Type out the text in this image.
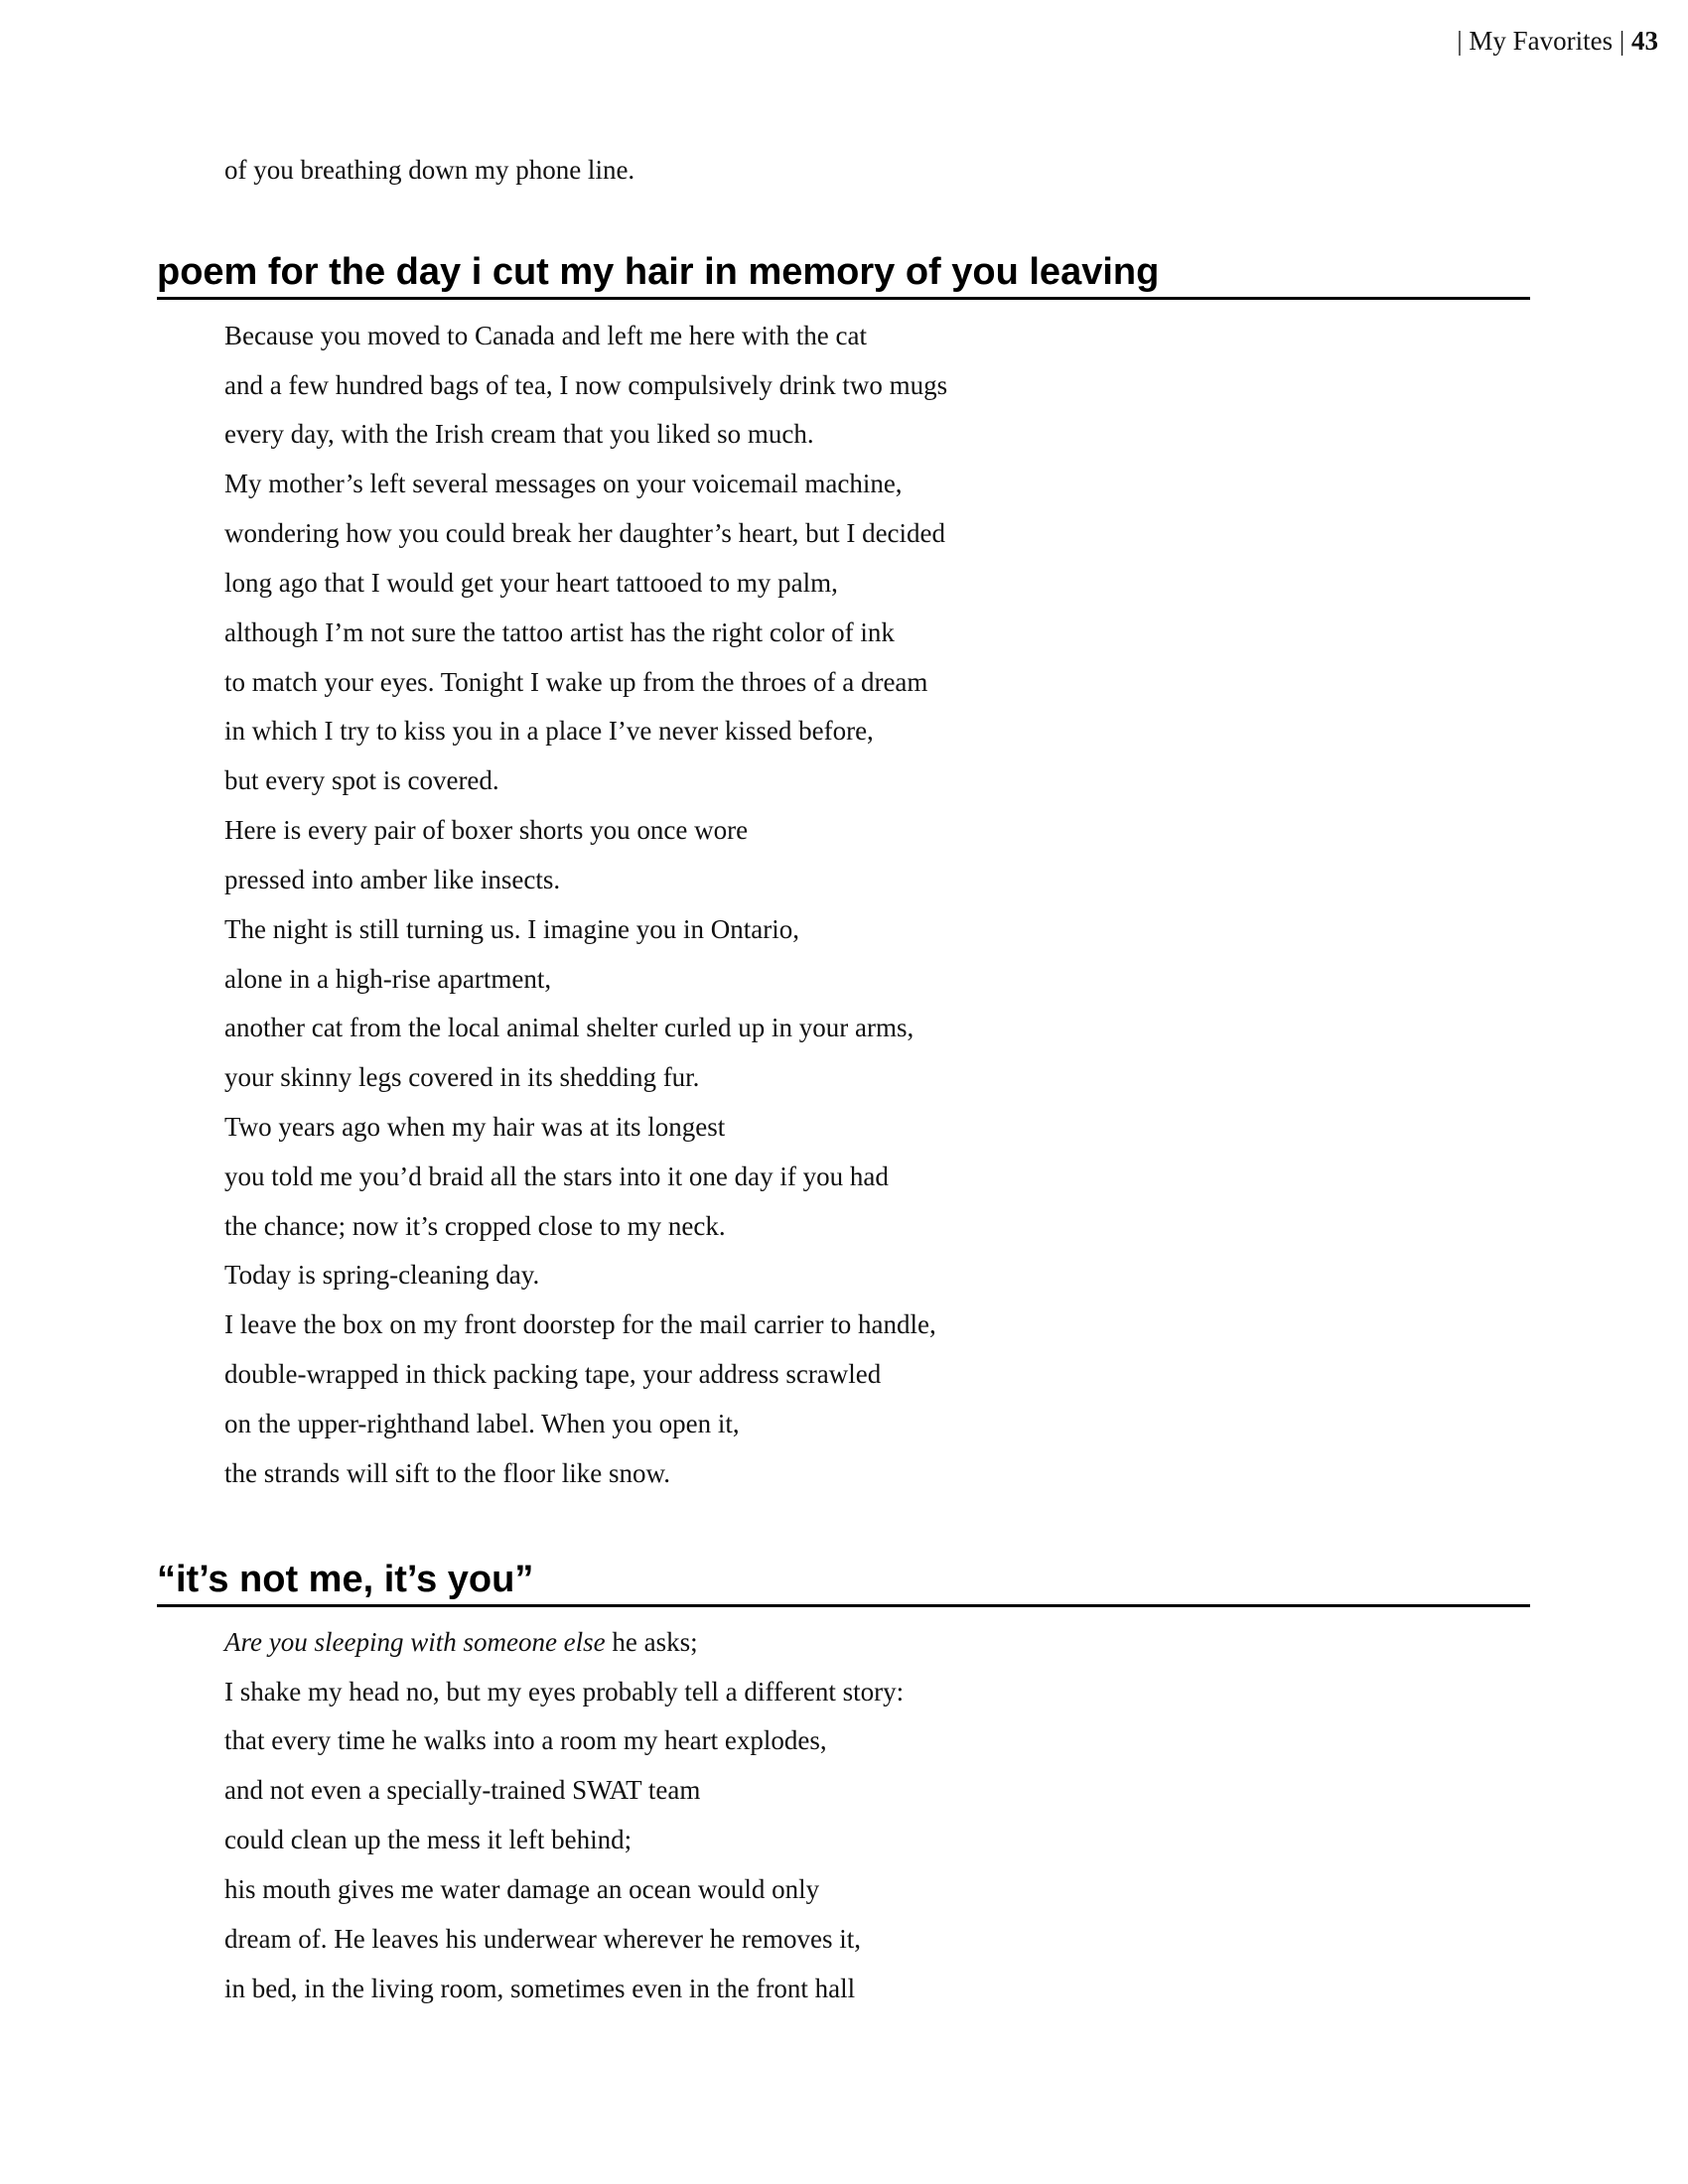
| My Favorites | 43
of you breathing down my phone line.
poem for the day i cut my hair in memory of you leaving
Because you moved to Canada and left me here with the cat
and a few hundred bags of tea, I now compulsively drink two mugs
every day, with the Irish cream that you liked so much.
My mother’s left several messages on your voicemail machine,
wondering how you could break her daughter’s heart, but I decided
long ago that I would get your heart tattooed to my palm,
although I’m not sure the tattoo artist has the right color of ink
to match your eyes. Tonight I wake up from the throes of a dream
in which I try to kiss you in a place I’ve never kissed before,
but every spot is covered.
Here is every pair of boxer shorts you once wore
pressed into amber like insects.
The night is still turning us. I imagine you in Ontario,
alone in a high-rise apartment,
another cat from the local animal shelter curled up in your arms,
your skinny legs covered in its shedding fur.
Two years ago when my hair was at its longest
you told me you’d braid all the stars into it one day if you had
the chance; now it’s cropped close to my neck.
Today is spring-cleaning day.
I leave the box on my front doorstep for the mail carrier to handle,
double-wrapped in thick packing tape, your address scrawled
on the upper-righthand label. When you open it,
the strands will sift to the floor like snow.
“it’s not me, it’s you”
Are you sleeping with someone else he asks;
I shake my head no, but my eyes probably tell a different story:
that every time he walks into a room my heart explodes,
and not even a specially-trained SWAT team
could clean up the mess it left behind;
his mouth gives me water damage an ocean would only
dream of. He leaves his underwear wherever he removes it,
in bed, in the living room, sometimes even in the front hall
